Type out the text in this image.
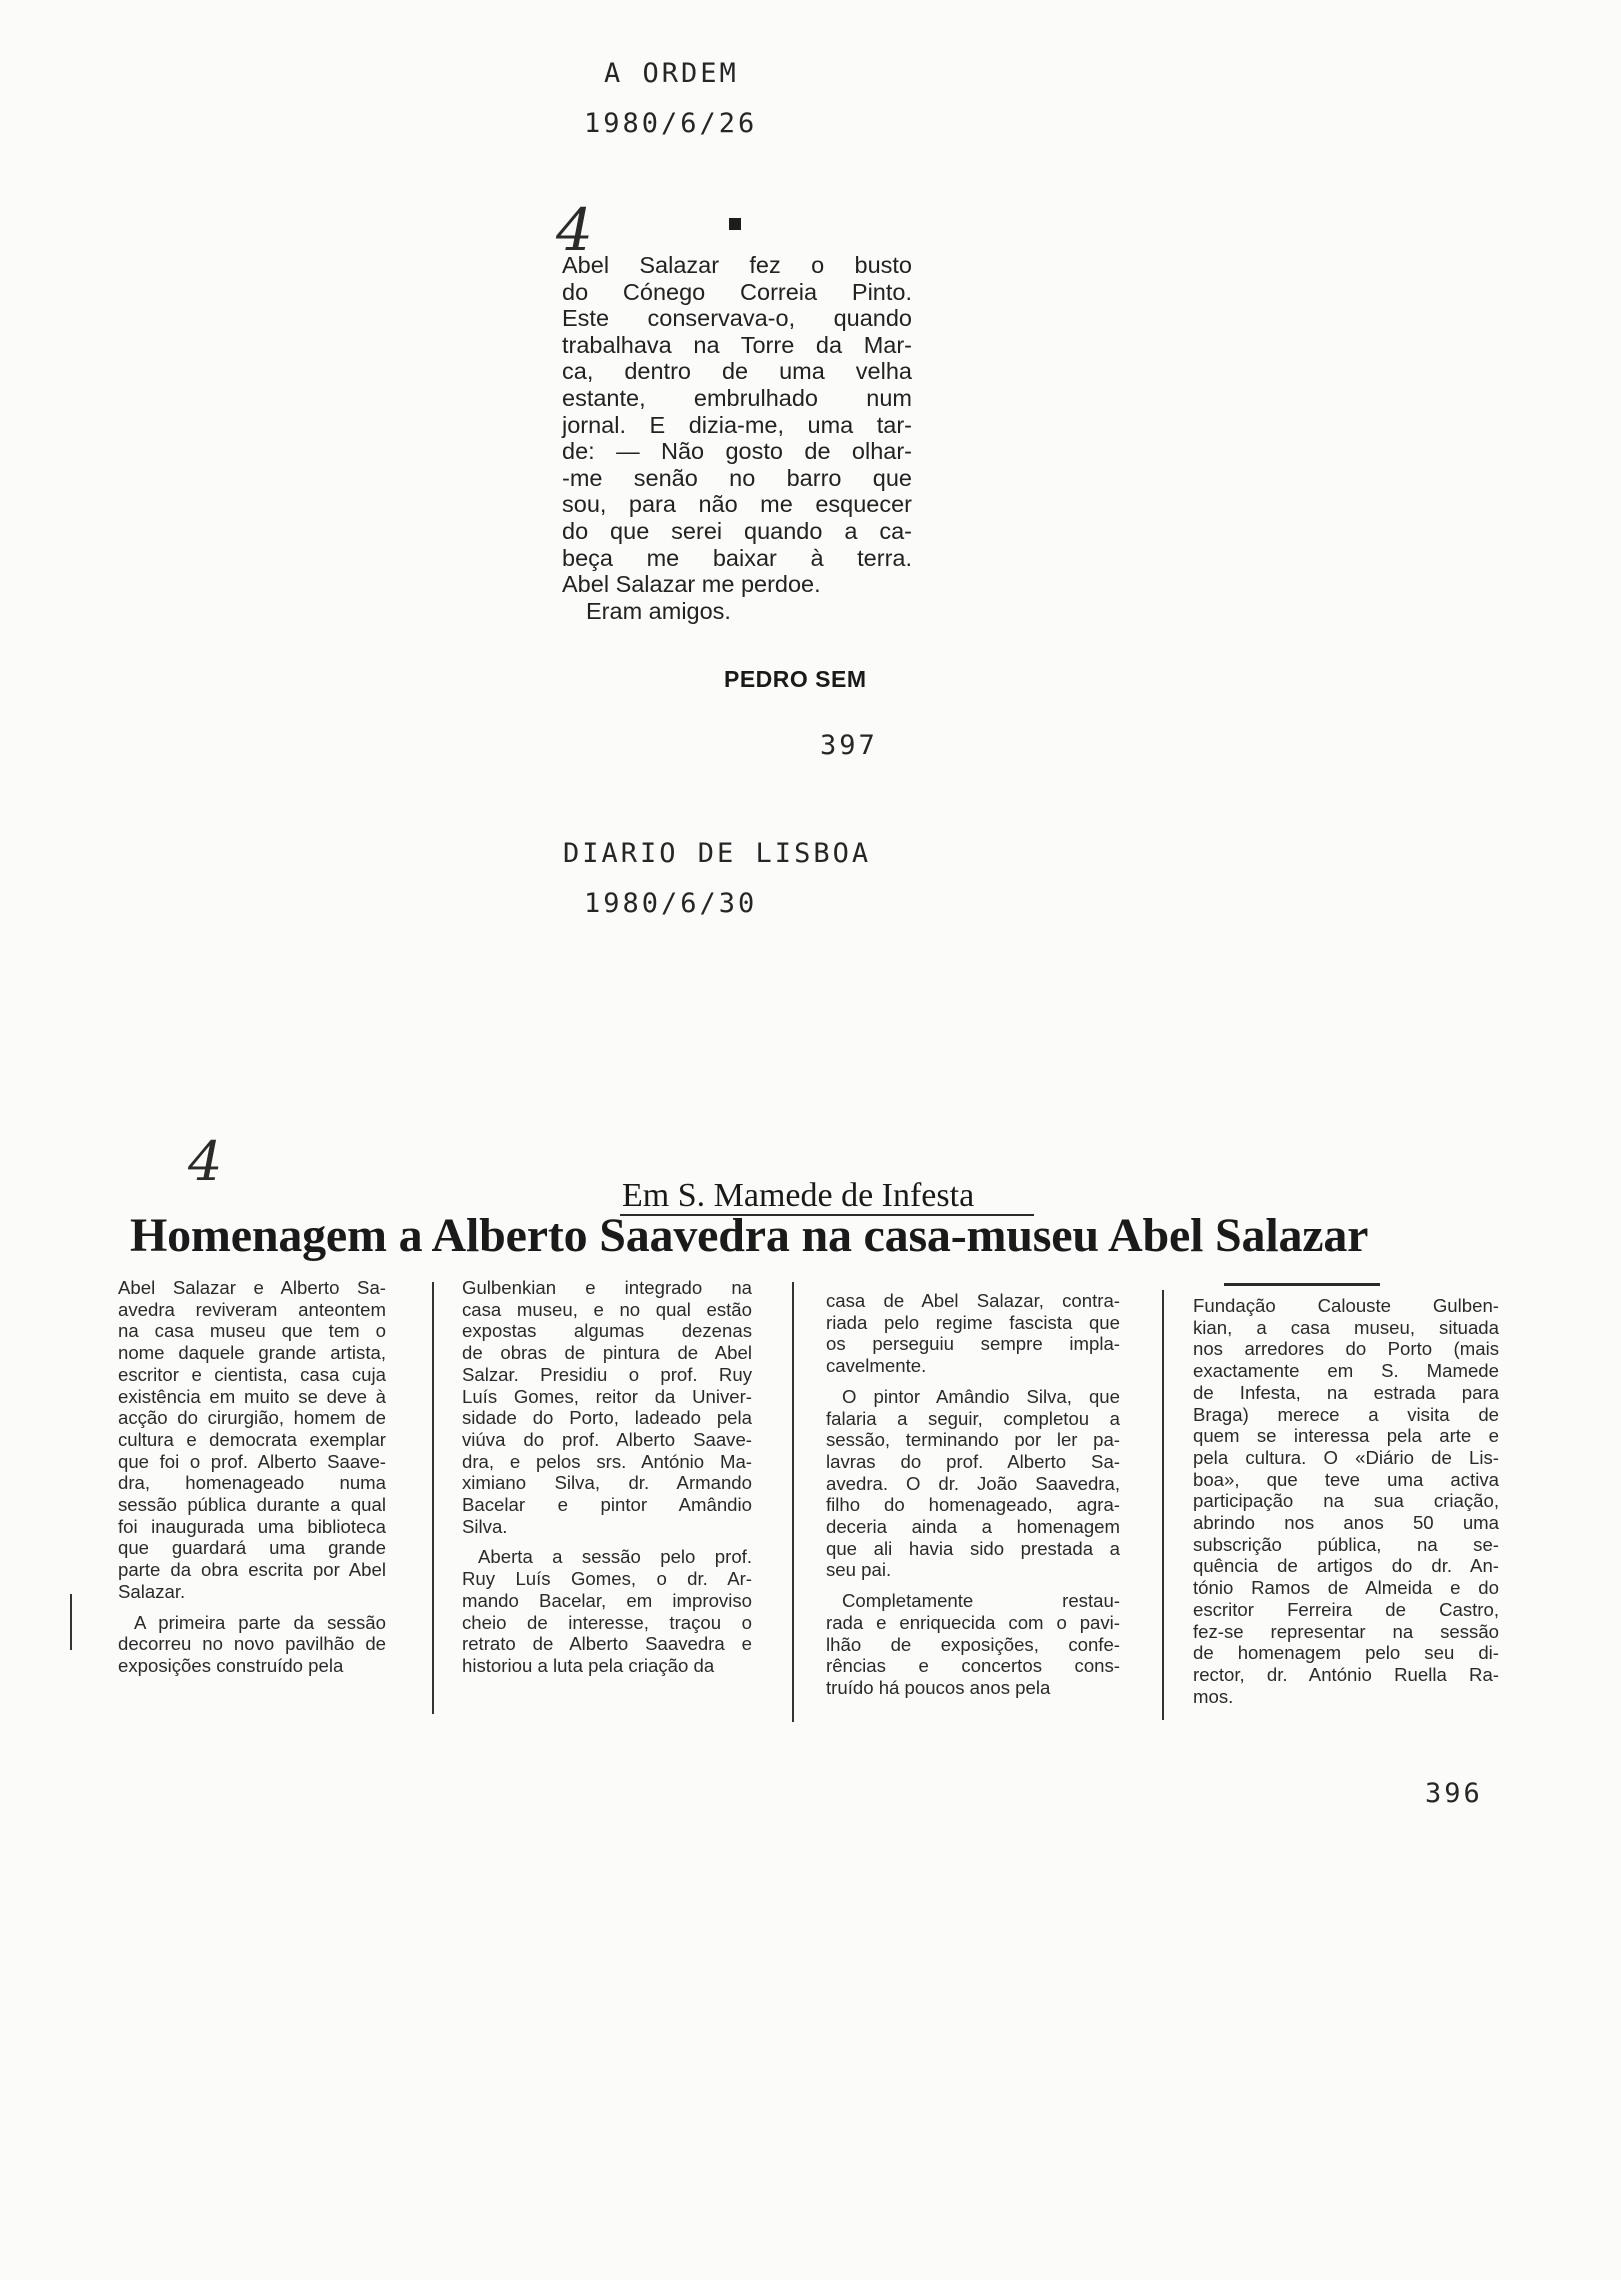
A ORDEM
1980/6/26
4
Abel Salazar fez o busto
do Cónego Correia Pinto.
Este conservava-o, quando
trabalhava na Torre da Mar-
ca, dentro de uma velha
estante, embrulhado num
jornal. E dizia-me, uma tar-
de: — Não gosto de olhar-
-me senão no barro que
sou, para não me esquecer
do que serei quando a ca-
beça me baixar à terra.
Abel Salazar me perdoe.
Eram amigos.
PEDRO SEM
397
DIARIO DE LISBOA
1980/6/30
4
Em S. Mamede de Infesta
Homenagem a Alberto Saavedra na casa-museu Abel Salazar
Abel Salazar e Alberto Sa-
avedra reviveram anteontem
na casa museu que tem o
nome daquele grande artista,
escritor e cientista, casa cuja
existência em muito se deve à
acção do cirurgião, homem de
cultura e democrata exemplar
que foi o prof. Alberto Saave-
dra, homenageado numa
sessão pública durante a qual
foi inaugurada uma biblioteca
que guardará uma grande
parte da obra escrita por Abel
Salazar.
A primeira parte da sessão
decorreu no novo pavilhão de
exposições construído pela
Gulbenkian e integrado na
casa museu, e no qual estão
expostas algumas dezenas
de obras de pintura de Abel
Salzar. Presidiu o prof. Ruy
Luís Gomes, reitor da Univer-
sidade do Porto, ladeado pela
viúva do prof. Alberto Saave-
dra, e pelos srs. António Ma-
ximiano Silva, dr. Armando
Bacelar e pintor Amândio
Silva.
Aberta a sessão pelo prof.
Ruy Luís Gomes, o dr. Ar-
mando Bacelar, em improviso
cheio de interesse, traçou o
retrato de Alberto Saavedra e
historiou a luta pela criação da
casa de Abel Salazar, contra-
riada pelo regime fascista que
os perseguiu sempre impla-
cavelmente.
O pintor Amândio Silva, que
falaria a seguir, completou a
sessão, terminando por ler pa-
lavras do prof. Alberto Sa-
avedra. O dr. João Saavedra,
filho do homenageado, agra-
deceria ainda a homenagem
que ali havia sido prestada a
seu pai.
Completamente restau-
rada e enriquecida com o pavi-
lhão de exposições, confe-
rências e concertos cons-
truído há poucos anos pela
Fundação Calouste Gulben-
kian, a casa museu, situada
nos arredores do Porto (mais
exactamente em S. Mamede
de Infesta, na estrada para
Braga) merece a visita de
quem se interessa pela arte e
pela cultura. O «Diário de Lis-
boa», que teve uma activa
participação na sua criação,
abrindo nos anos 50 uma
subscrição pública, na se-
quência de artigos do dr. An-
tónio Ramos de Almeida e do
escritor Ferreira de Castro,
fez-se representar na sessão
de homenagem pelo seu di-
rector, dr. António Ruella Ra-
mos.
396
